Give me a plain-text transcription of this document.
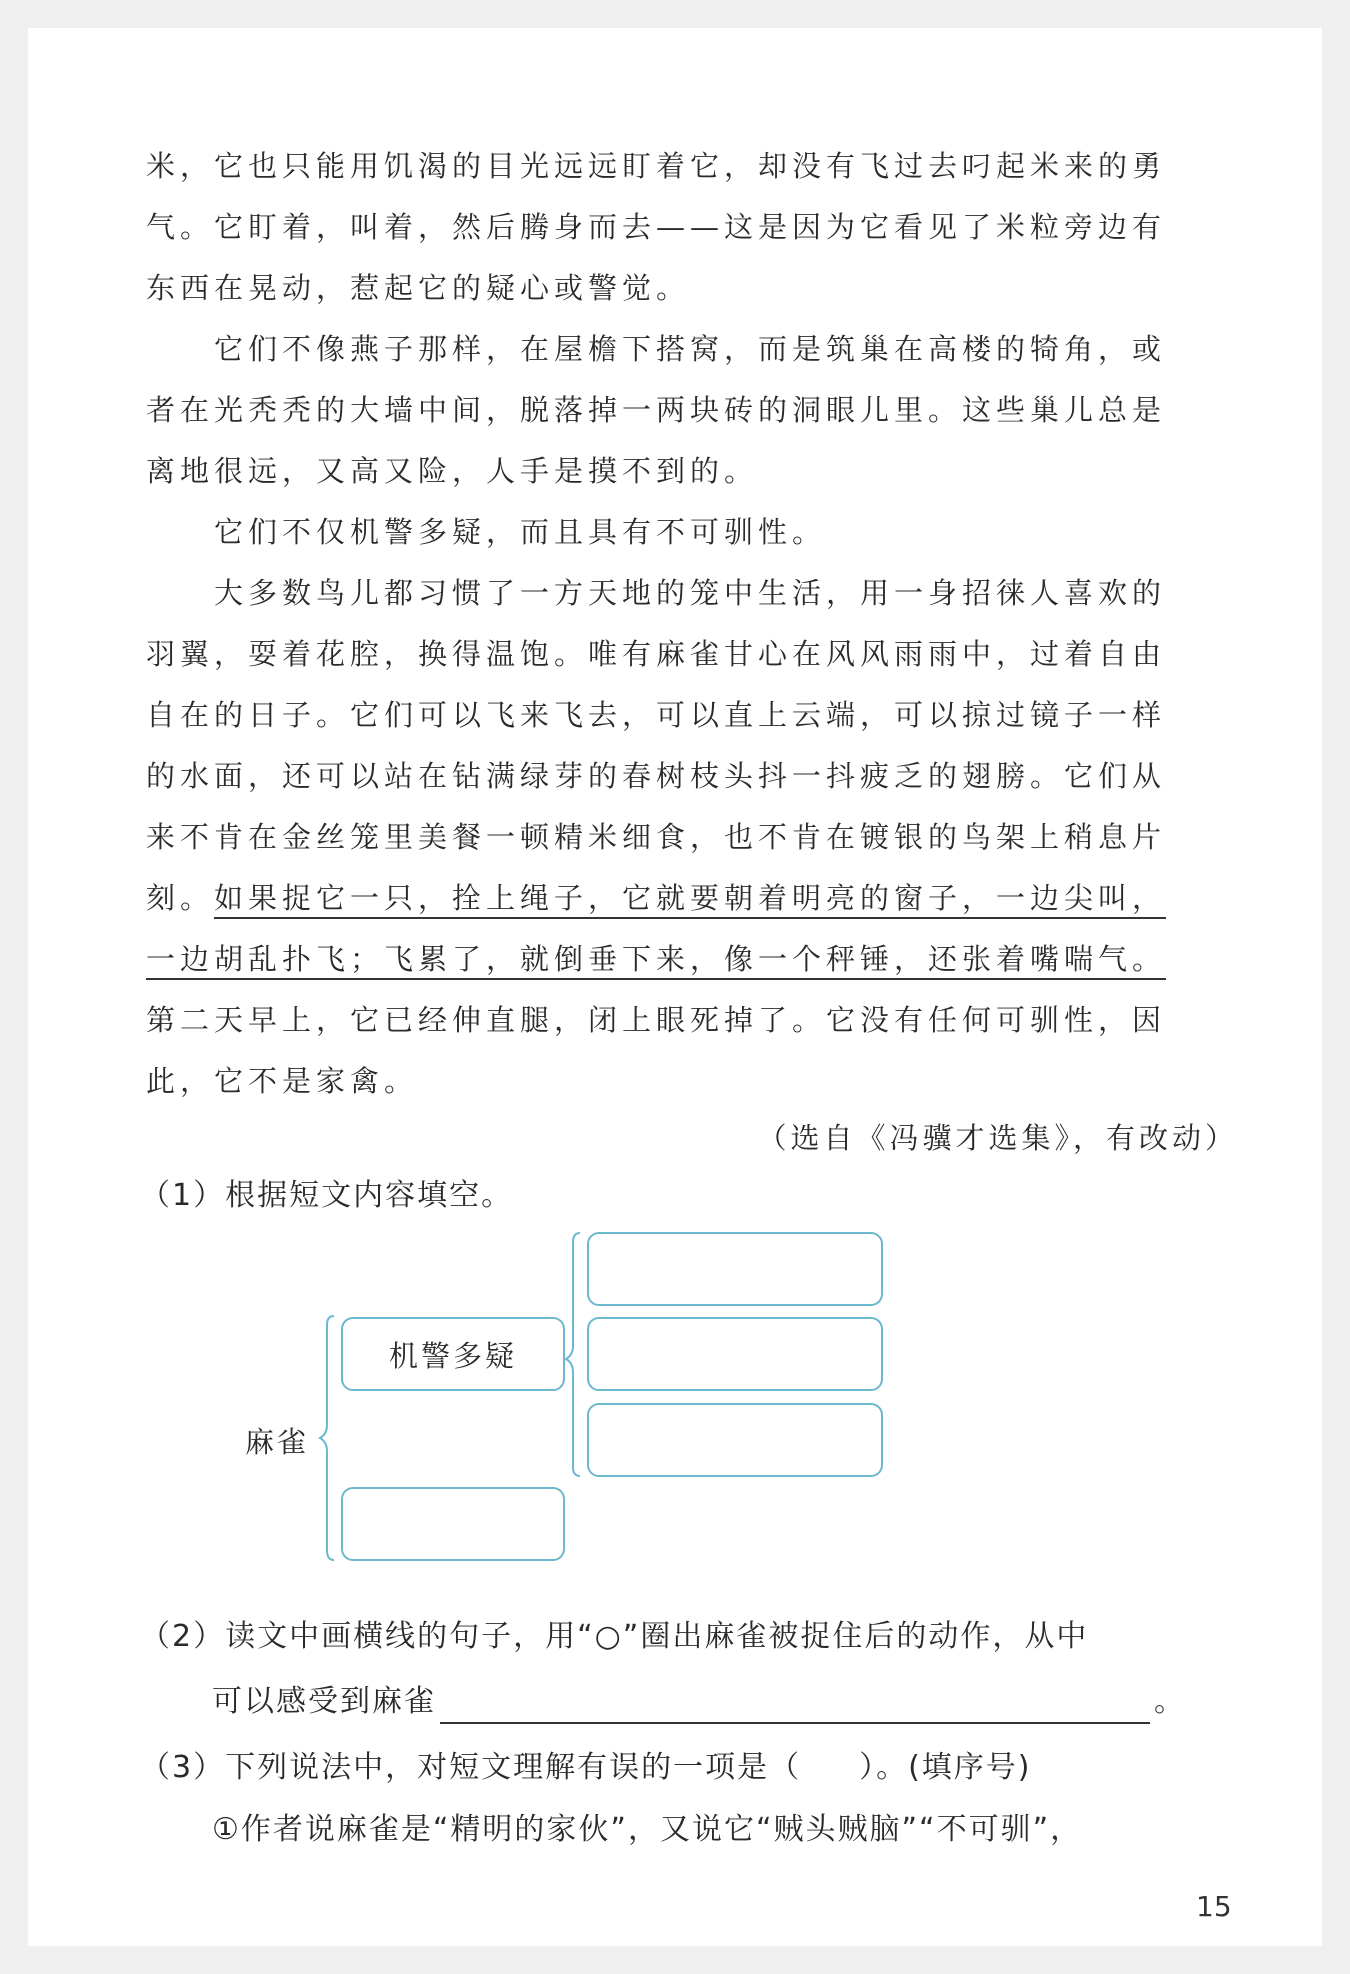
米，它也只能用饥渴的目光远远盯着它，却没有飞过去叼起米来的勇
气。它盯着，叫着，然后腾身而去——这是因为它看见了米粒旁边有
东西在晃动，惹起它的疑心或警觉。

　　它们不像燕子那样，在屋檐下搭窝，而是筑巢在高楼的犄角，或
者在光秃秃的大墙中间，脱落掉一两块砖的洞眼儿里。这些巢儿总是
离地很远，又高又险，人手是摸不到的。

　　它们不仅机警多疑，而且具有不可驯性。

　　大多数鸟儿都习惯了一方天地的笼中生活，用一身招徕人喜欢的
羽翼，耍着花腔，换得温饱。唯有麻雀甘心在风风雨雨中，过着自由
自在的日子。它们可以飞来飞去，可以直上云端，可以掠过镜子一样
的水面，还可以站在钻满绿芽的春树枝头抖一抖疲乏的翅膀。它们从
来不肯在金丝笼里美餐一顿精米细食，也不肯在镀银的鸟架上稍息片
刻。如果捉它一只，拴上绳子，它就要朝着明亮的窗子，一边尖叫，
一边胡乱扑飞；飞累了，就倒垂下来，像一个秤锤，还张着嘴喘气。
第二天早上，它已经伸直腿，闭上眼死掉了。它没有任何可驯性，因
此，它不是家禽。

（选自《冯骥才选集》，有改动）
（1）根据短文内容填空。
麻雀
机警多疑
（2）读文中画横线的句子，用“○”圈出麻雀被捉住后的动作，从中
可以感受到麻雀	。
（3）下列说法中，对短文理解有误的一项是（ ）。(填序号)
①作者说麻雀是“精明的家伙”，又说它“贼头贼脑”“不可驯”，
15
